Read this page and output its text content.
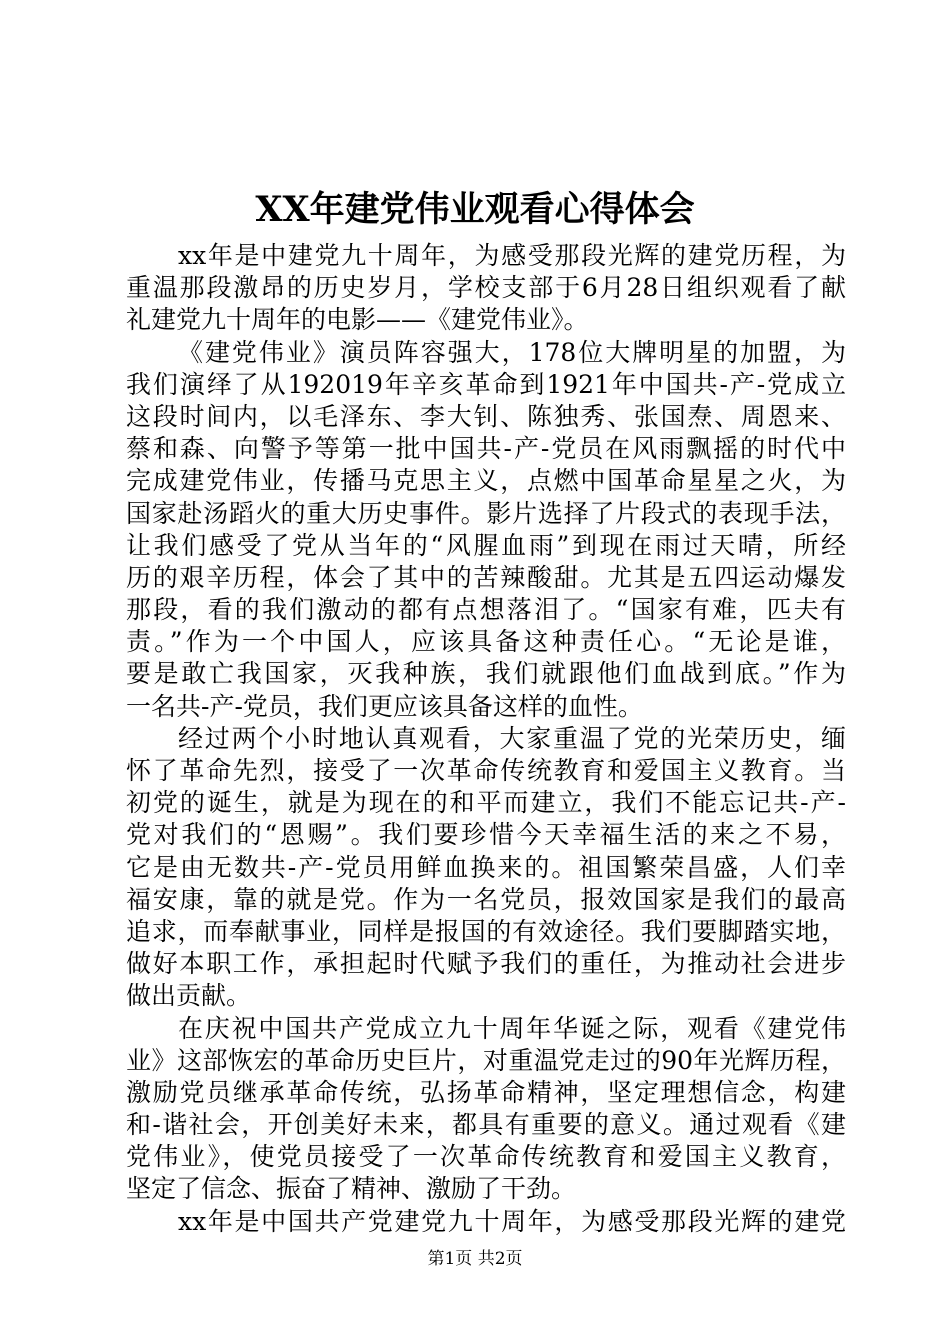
XX年建党伟业观看心得体会
xx年是中建党九十周年，为感受那段光辉的建党历程，为
重温那段激昂的历史岁月，学校支部于6月28日组织观看了献
礼建党九十周年的电影——《建党伟业》。
《建党伟业》演员阵容强大，178位大牌明星的加盟，为
我们演绎了从192019年辛亥革命到1921年中国共-产-党成立
这段时间内，以毛泽东、李大钊、陈独秀、张国焘、周恩来、
蔡和森、向警予等第一批中国共-产-党员在风雨飘摇的时代中
完成建党伟业，传播马克思主义，点燃中国革命星星之火，为
国家赴汤蹈火的重大历史事件。影片选择了片段式的表现手法，
让我们感受了党从当年的“风腥血雨”到现在雨过天晴，所经
历的艰辛历程，体会了其中的苦辣酸甜。尤其是五四运动爆发
那段，看的我们激动的都有点想落泪了。“国家有难，匹夫有
责。”作为一个中国人，应该具备这种责任心。“无论是谁，
要是敢亡我国家，灭我种族，我们就跟他们血战到底。”作为
一名共-产-党员，我们更应该具备这样的血性。
经过两个小时地认真观看，大家重温了党的光荣历史，缅
怀了革命先烈，接受了一次革命传统教育和爱国主义教育。当
初党的诞生，就是为现在的和平而建立，我们不能忘记共-产-
党对我们的“恩赐”。我们要珍惜今天幸福生活的来之不易，
它是由无数共-产-党员用鲜血换来的。祖国繁荣昌盛，人们幸
福安康，靠的就是党。作为一名党员，报效国家是我们的最高
追求，而奉献事业，同样是报国的有效途径。我们要脚踏实地，
做好本职工作，承担起时代赋予我们的重任，为推动社会进步
做出贡献。
在庆祝中国共产党成立九十周年华诞之际，观看《建党伟
业》这部恢宏的革命历史巨片，对重温党走过的90年光辉历程，
激励党员继承革命传统，弘扬革命精神，坚定理想信念，构建
和-谐社会，开创美好未来，都具有重要的意义。通过观看《建
党伟业》，使党员接受了一次革命传统教育和爱国主义教育，
坚定了信念、振奋了精神、激励了干劲。
xx年是中国共产党建党九十周年，为感受那段光辉的建党
第1页 共2页
